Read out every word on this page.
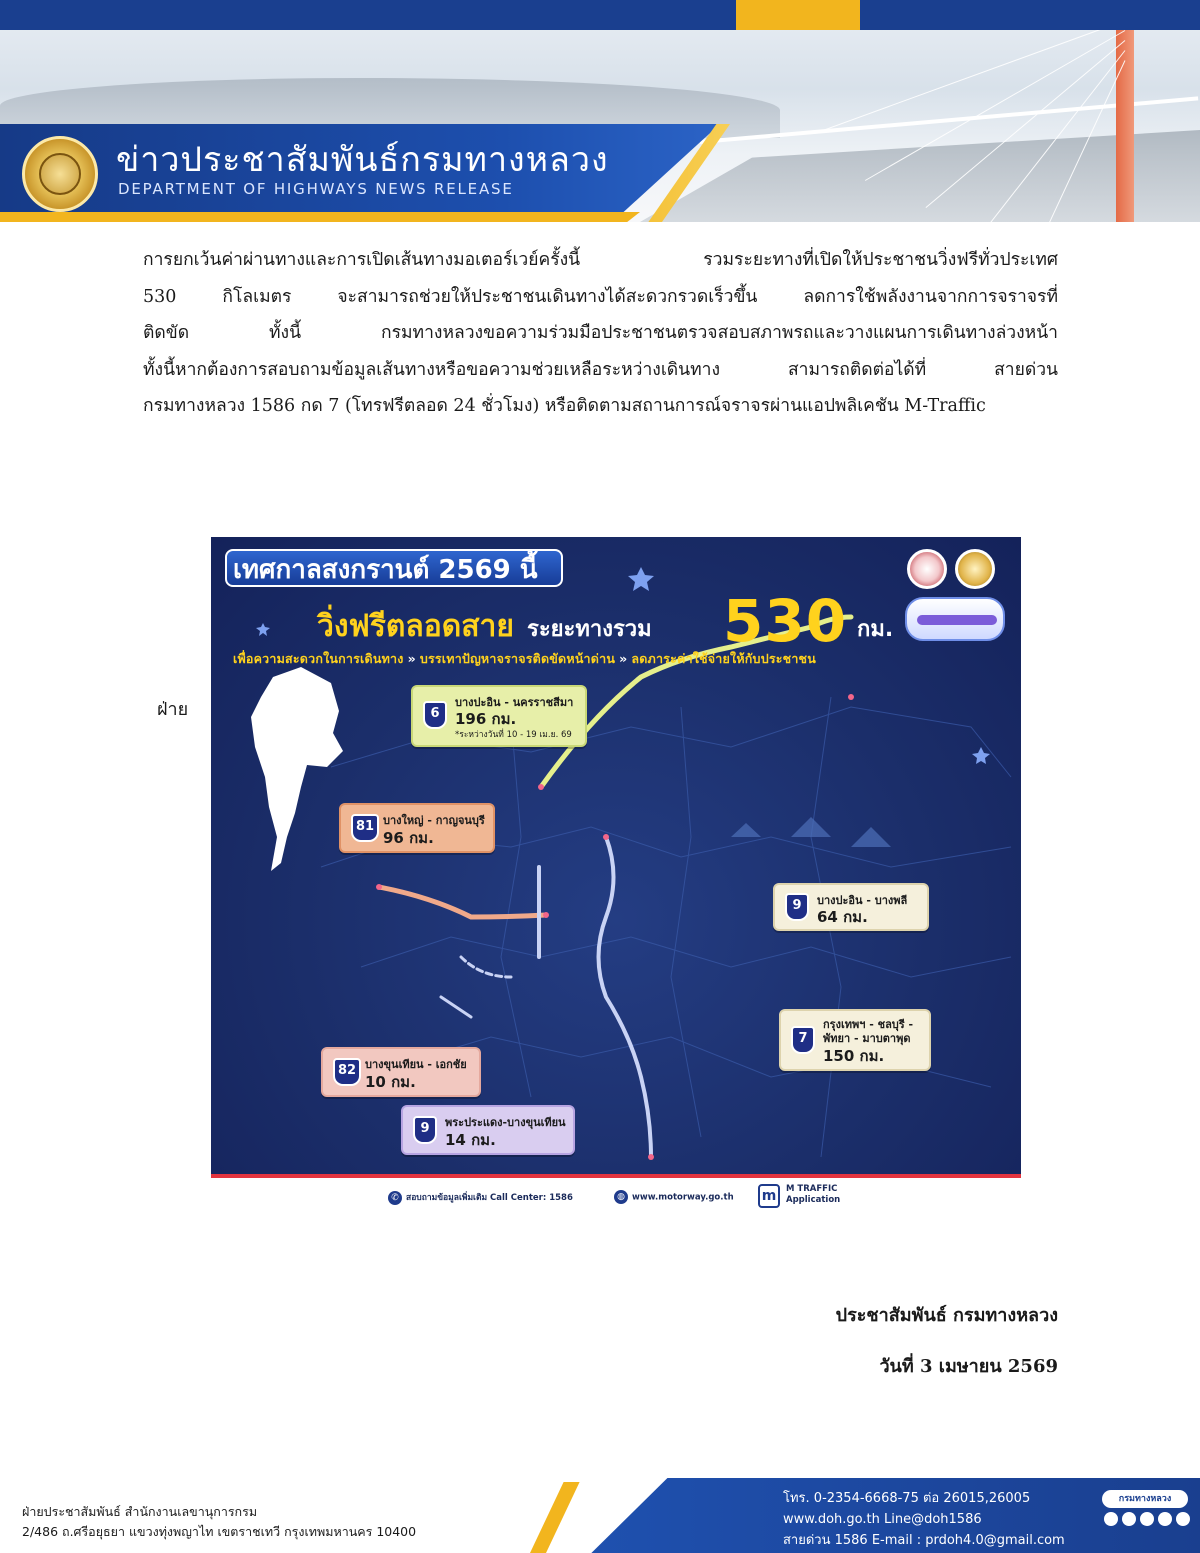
ข่าวประชาสัมพันธ์กรมทางหลวง
DEPARTMENT OF HIGHWAYS NEWS RELEASE
การยกเว้นค่าผ่านทางและการเปิดเส้นทางมอเตอร์เวย์ครั้งนี้ รวมระยะทางที่เปิดให้ประชาชนวิ่งฟรีทั่วประเทศ
530 กิโลเมตร จะสามารถช่วยให้ประชาชนเดินทางได้สะดวกรวดเร็วขึ้น ลดการใช้พลังงานจากการจราจรที่
ติดขัด ทั้งนี้ กรมทางหลวงขอความร่วมมือประชาชนตรวจสอบสภาพรถและวางแผนการเดินทางล่วงหน้า
ทั้งนี้หากต้องการสอบถามข้อมูลเส้นทางหรือขอความช่วยเหลือระหว่างเดินทาง สามารถติดต่อได้ที่ สายด่วน
กรมทางหลวง 1586 กด 7 (โทรฟรีตลอด 24 ชั่วโมง) หรือติดตามสถานการณ์จราจรผ่านแอปพลิเคชัน M-Traffic
ฝ่าย
เทศกาลสงกรานต์ 2569 นี้
วิ่งฟรีตลอดสาย ระยะทางรวม 530 กม.
เพื่อความสะดวกในการเดินทาง » บรรเทาปัญหาจราจรติดขัดหน้าด่าน » ลดภาระค่าใช้จ่ายให้กับประชาชน
6
บางปะอิน - นครราชสีมา
196 กม.
*ระหว่างวันที่ 10 - 19 เม.ย. 69
81 บางใหญ่ - กาญจนบุรี
96 กม.
9	บางปะอิน - บางพลี
64 กม.
7
กรุงเทพฯ - ชลบุรี -
พัทยา - มาบตาพุด
150 กม.
82 บางขุนเทียน - เอกชัย
10 กม.
9	พระประแดง-บางขุนเทียน
14 กม.
✆ สอบถามข้อมูลเพิ่มเติม Call Center: 1586	◍ www.motorway.go.th m	M TRAFFIC
Application
ประชาสัมพันธ์ กรมทางหลวง
วันที่ 3 เมษายน 2569
ฝ่ายประชาสัมพันธ์ สำนักงานเลขานุการกรม
2/486 ถ.ศรีอยุธยา แขวงทุ่งพญาไท เขตราชเทวี กรุงเทพมหานคร 10400
โทร. 0-2354-6668-75 ต่อ 26015,26005
www.doh.go.th Line@doh1586
สายด่วน 1586 E-mail : prdoh4.0@gmail.com
กรมทางหลวง
